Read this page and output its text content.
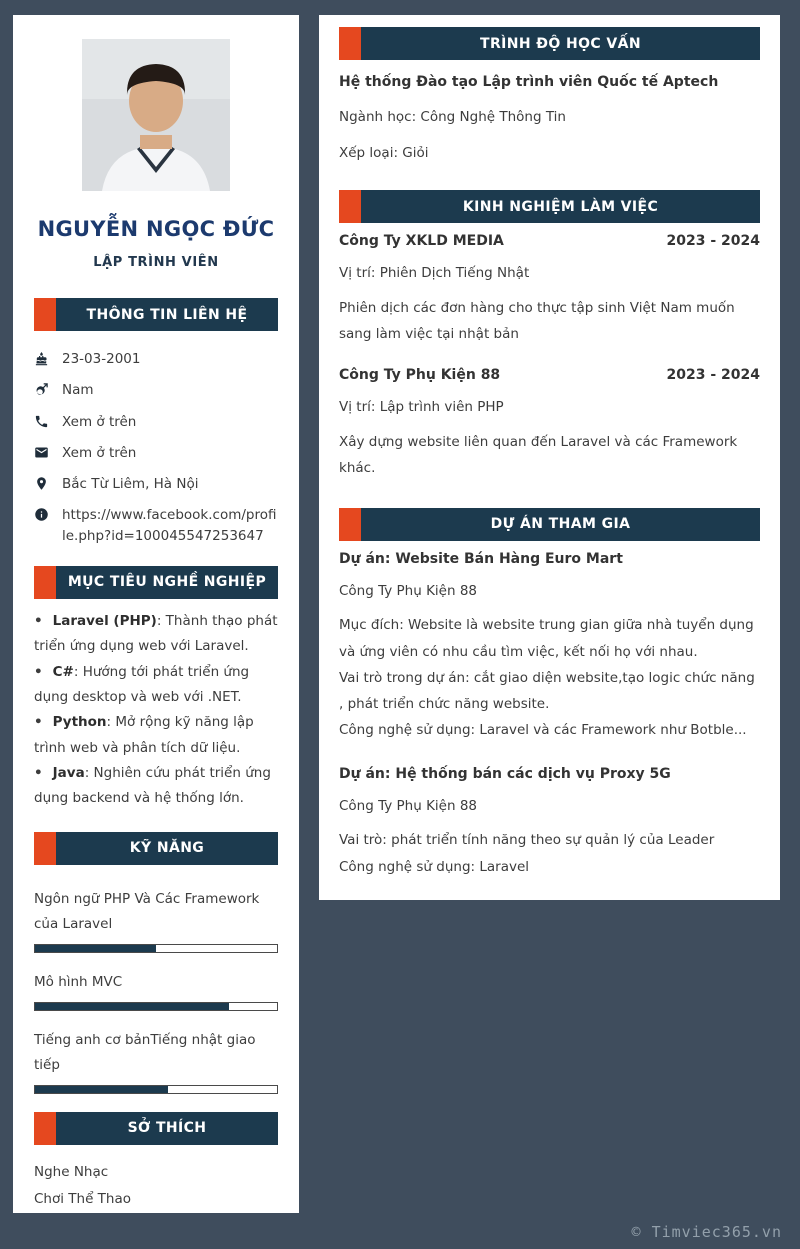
NGUYỄN NGỌC ĐỨC
LẬP TRÌNH VIÊN
THÔNG TIN LIÊN HỆ
23-03-2001
Nam
Xem ở trên
Xem ở trên
Bắc Từ Liêm, Hà Nội
https://www.facebook.com/profile.php?id=100045547253647
MỤC TIÊU NGHỀ NGHIỆP

• Laravel (PHP): Thành thạo phát triển ứng dụng web với Laravel.

• C#: Hướng tới phát triển ứng dụng desktop và web với .NET.

• Python: Mở rộng kỹ năng lập trình web và phân tích dữ liệu.

• Java: Nghiên cứu phát triển ứng dụng backend và hệ thống lớn.

KỸ NĂNG
Ngôn ngữ PHP Và Các Framework của Laravel
Mô hình MVC
Tiếng anh cơ bảnTiếng nhật giao tiếp
SỞ THÍCH

Nghe Nhạc

Chơi Thể Thao

TRÌNH ĐỘ HỌC VẤN

Hệ thống Đào tạo Lập trình viên Quốc tế Aptech

Ngành học: Công Nghệ Thông Tin

Xếp loại: Giỏi

KINH NGHIỆM LÀM VIỆC
Công Ty XKLD MEDIA	2023 - 2024

Vị trí: Phiên Dịch Tiếng Nhật

Phiên dịch các đơn hàng cho thực tập sinh Việt Nam muốn sang làm việc tại nhật bản

Công Ty Phụ Kiện 88	2023 - 2024

Vị trí: Lập trình viên PHP

Xây dựng website liên quan đến Laravel và các Framework khác.

DỰ ÁN THAM GIA

Dự án: Website Bán Hàng Euro Mart

Công Ty Phụ Kiện 88

Mục đích: Website là website trung gian giữa nhà tuyển dụng và ứng viên có nhu cầu tìm việc, kết nối họ với nhau.

Vai trò trong dự án: cắt giao diện website,tạo logic chức năng , phát triển chức năng website.

Công nghệ sử dụng: Laravel và các Framework như Botble...

Dự án: Hệ thống bán các dịch vụ Proxy 5G

Công Ty Phụ Kiện 88

Vai trò: phát triển tính năng theo sự quản lý của Leader

Công nghệ sử dụng: Laravel

© Timviec365.vn
